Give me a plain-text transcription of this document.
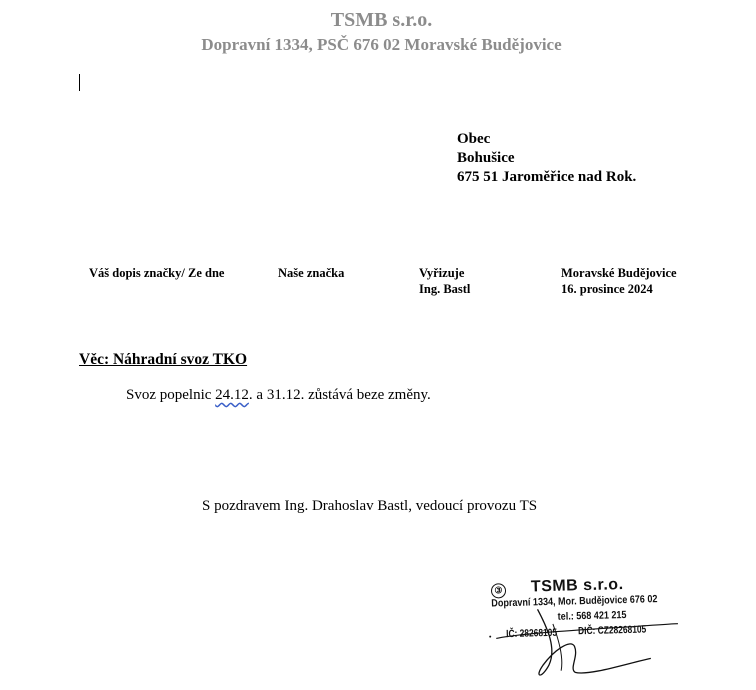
TSMB s.r.o.
Dopravní 1334, PSČ 676 02 Moravské Budějovice
Obec
Bohušice
675 51 Jaroměřice nad Rok.
Váš dopis značky/ Ze dne	Naše značka	Vyřizuje
Ing. Bastl
Moravské Budějovice
16. prosince 2024
Věc: Náhradní svoz TKO
Svoz popelnic 24.12. a 31.12. zůstává beze změny.
S pozdravem Ing. Drahoslav Bastl, vedoucí provozu TS
③ TSMB s.r.o.
Dopravní 1334, Mor. Budějovice 676 02
tel.: 568 421 215
IČ: 28268105 DIČ: CZ28268105
